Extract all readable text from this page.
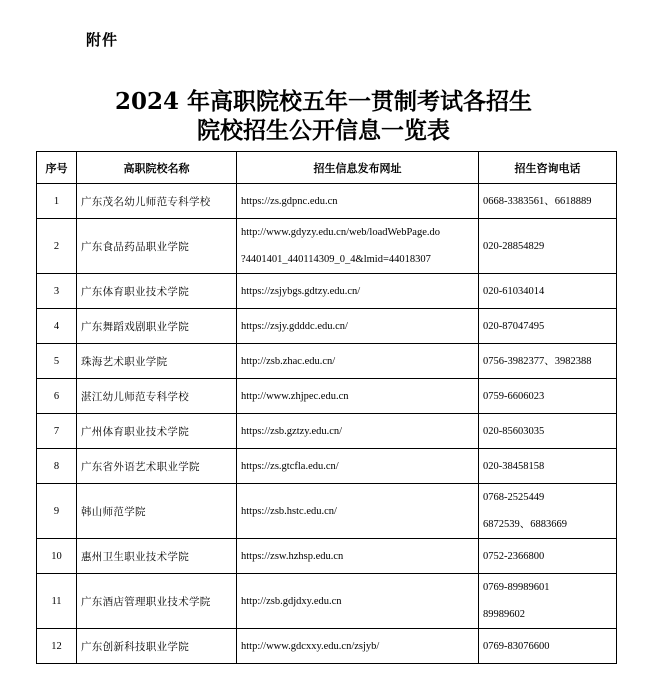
附件
2024 年高职院校五年一贯制考试各招生
院校招生公开信息一览表
序号	高职院校名称	招生信息发布网址	招生咨询电话
1	广东茂名幼儿师范专科学校	https://zs.gdpnc.edu.cn	0668-3383561、6618889

2	广东食品药品职业学院	http://www.gdyzy.edu.cn/web/loadWebPage.do
?4401401_440114309_0_4&lmid=44018307	020-28854829

3	广东体育职业技术学院	https://zsjybgs.gdtzy.edu.cn/	020-61034014

4	广东舞蹈戏剧职业学院	https://zsjy.gdddc.edu.cn/	020-87047495

5	珠海艺术职业学院	http://zsb.zhac.edu.cn/	0756-3982377、3982388

6	湛江幼儿师范专科学校	http://www.zhjpec.edu.cn	0759-6606023

7	广州体育职业技术学院	https://zsb.gztzy.edu.cn/	020-85603035

8	广东省外语艺术职业学院	https://zs.gtcfla.edu.cn/	020-38458158

9	韩山师范学院	https://zsb.hstc.edu.cn/	0768-2525449
6872539、6883669

10	惠州卫生职业技术学院	https://zsw.hzhsp.edu.cn	0752-2366800

11	广东酒店管理职业技术学院	http://zsb.gdjdxy.edu.cn	0769-89989601
89989602

12	广东创新科技职业学院	http://www.gdcxxy.edu.cn/zsjyb/	0769-83076600
